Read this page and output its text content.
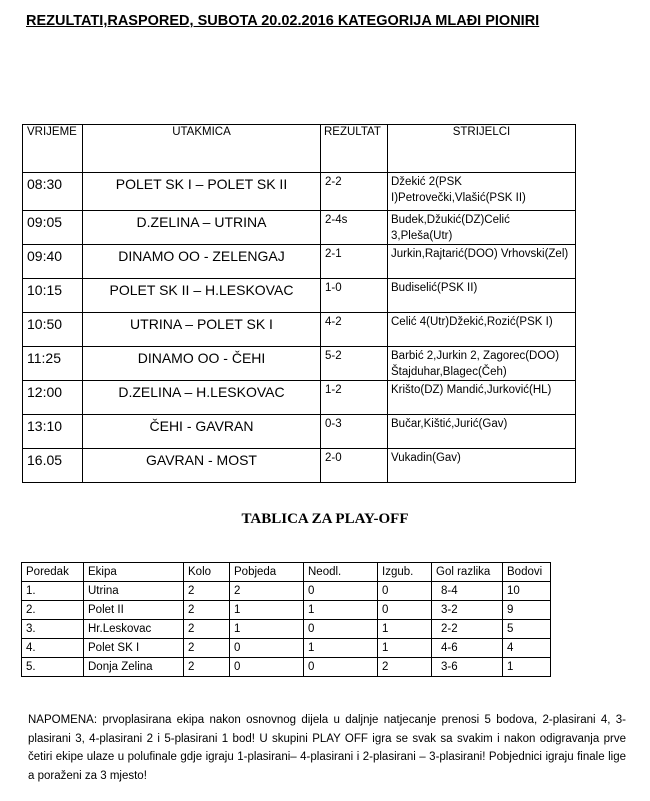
REZULTATI,RASPORED, SUBOTA 20.02.2016 KATEGORIJA MLAĐI PIONIRI
VRIJEME	UTAKMICA	REZULTAT	STRIJELCI
08:30	POLET SK I – POLET SK II	2-2	Džekić 2(PSK I)Petrovečki,Vlašić(PSK II)
09:05	D.ZELINA – UTRINA	2-4s	Budek,Džukić(DZ)Celić 3,Pleša(Utr)
09:40	DINAMO OO - ZELENGAJ	2-1	Jurkin,Rajtarić(DOO) Vrhovski(Zel)
10:15	POLET SK II – H.LESKOVAC	1-0	Budiselić(PSK II)
10:50	UTRINA – POLET SK I	4-2	Celić 4(Utr)Džekić,Rozić(PSK I)
11:25	DINAMO OO - ČEHI	5-2	Barbić 2,Jurkin 2, Zagorec(DOO) Štajduhar,Blagec(Čeh)
12:00	D.ZELINA – H.LESKOVAC	1-2	Krišto(DZ) Mandić,Jurković(HL)
13:10	ČEHI - GAVRAN	0-3	Bučar,Kištić,Jurić(Gav)
16.05	GAVRAN - MOST	2-0	Vukadin(Gav)
TABLICA ZA PLAY-OFF
Poredak	Ekipa	Kolo	Pobjeda	Neodl.	Izgub.	Gol razlika	Bodovi
1.	Utrina	2	2	0	0	8-4	10
2.	Polet II	2	1	1	0	3-2	9
3.	Hr.Leskovac	2	1	0	1	2-2	5
4.	Polet SK I	2	0	1	1	4-6	4
5.	Donja Zelina	2	0	0	2	3-6	1
NAPOMENA: prvoplasirana ekipa nakon osnovnog dijela u daljnje natjecanje prenosi 5 bodova, 2-plasirani 4, 3-plasirani 3, 4-plasirani 2 i 5-plasirani 1 bod! U skupini PLAY OFF igra se svak sa svakim i nakon odigravanja prve četiri ekipe ulaze u polufinale gdje igraju 1-plasirani– 4-plasirani i 2-plasirani – 3-plasirani! Pobjednici igraju finale lige a poraženi za 3 mjesto!
